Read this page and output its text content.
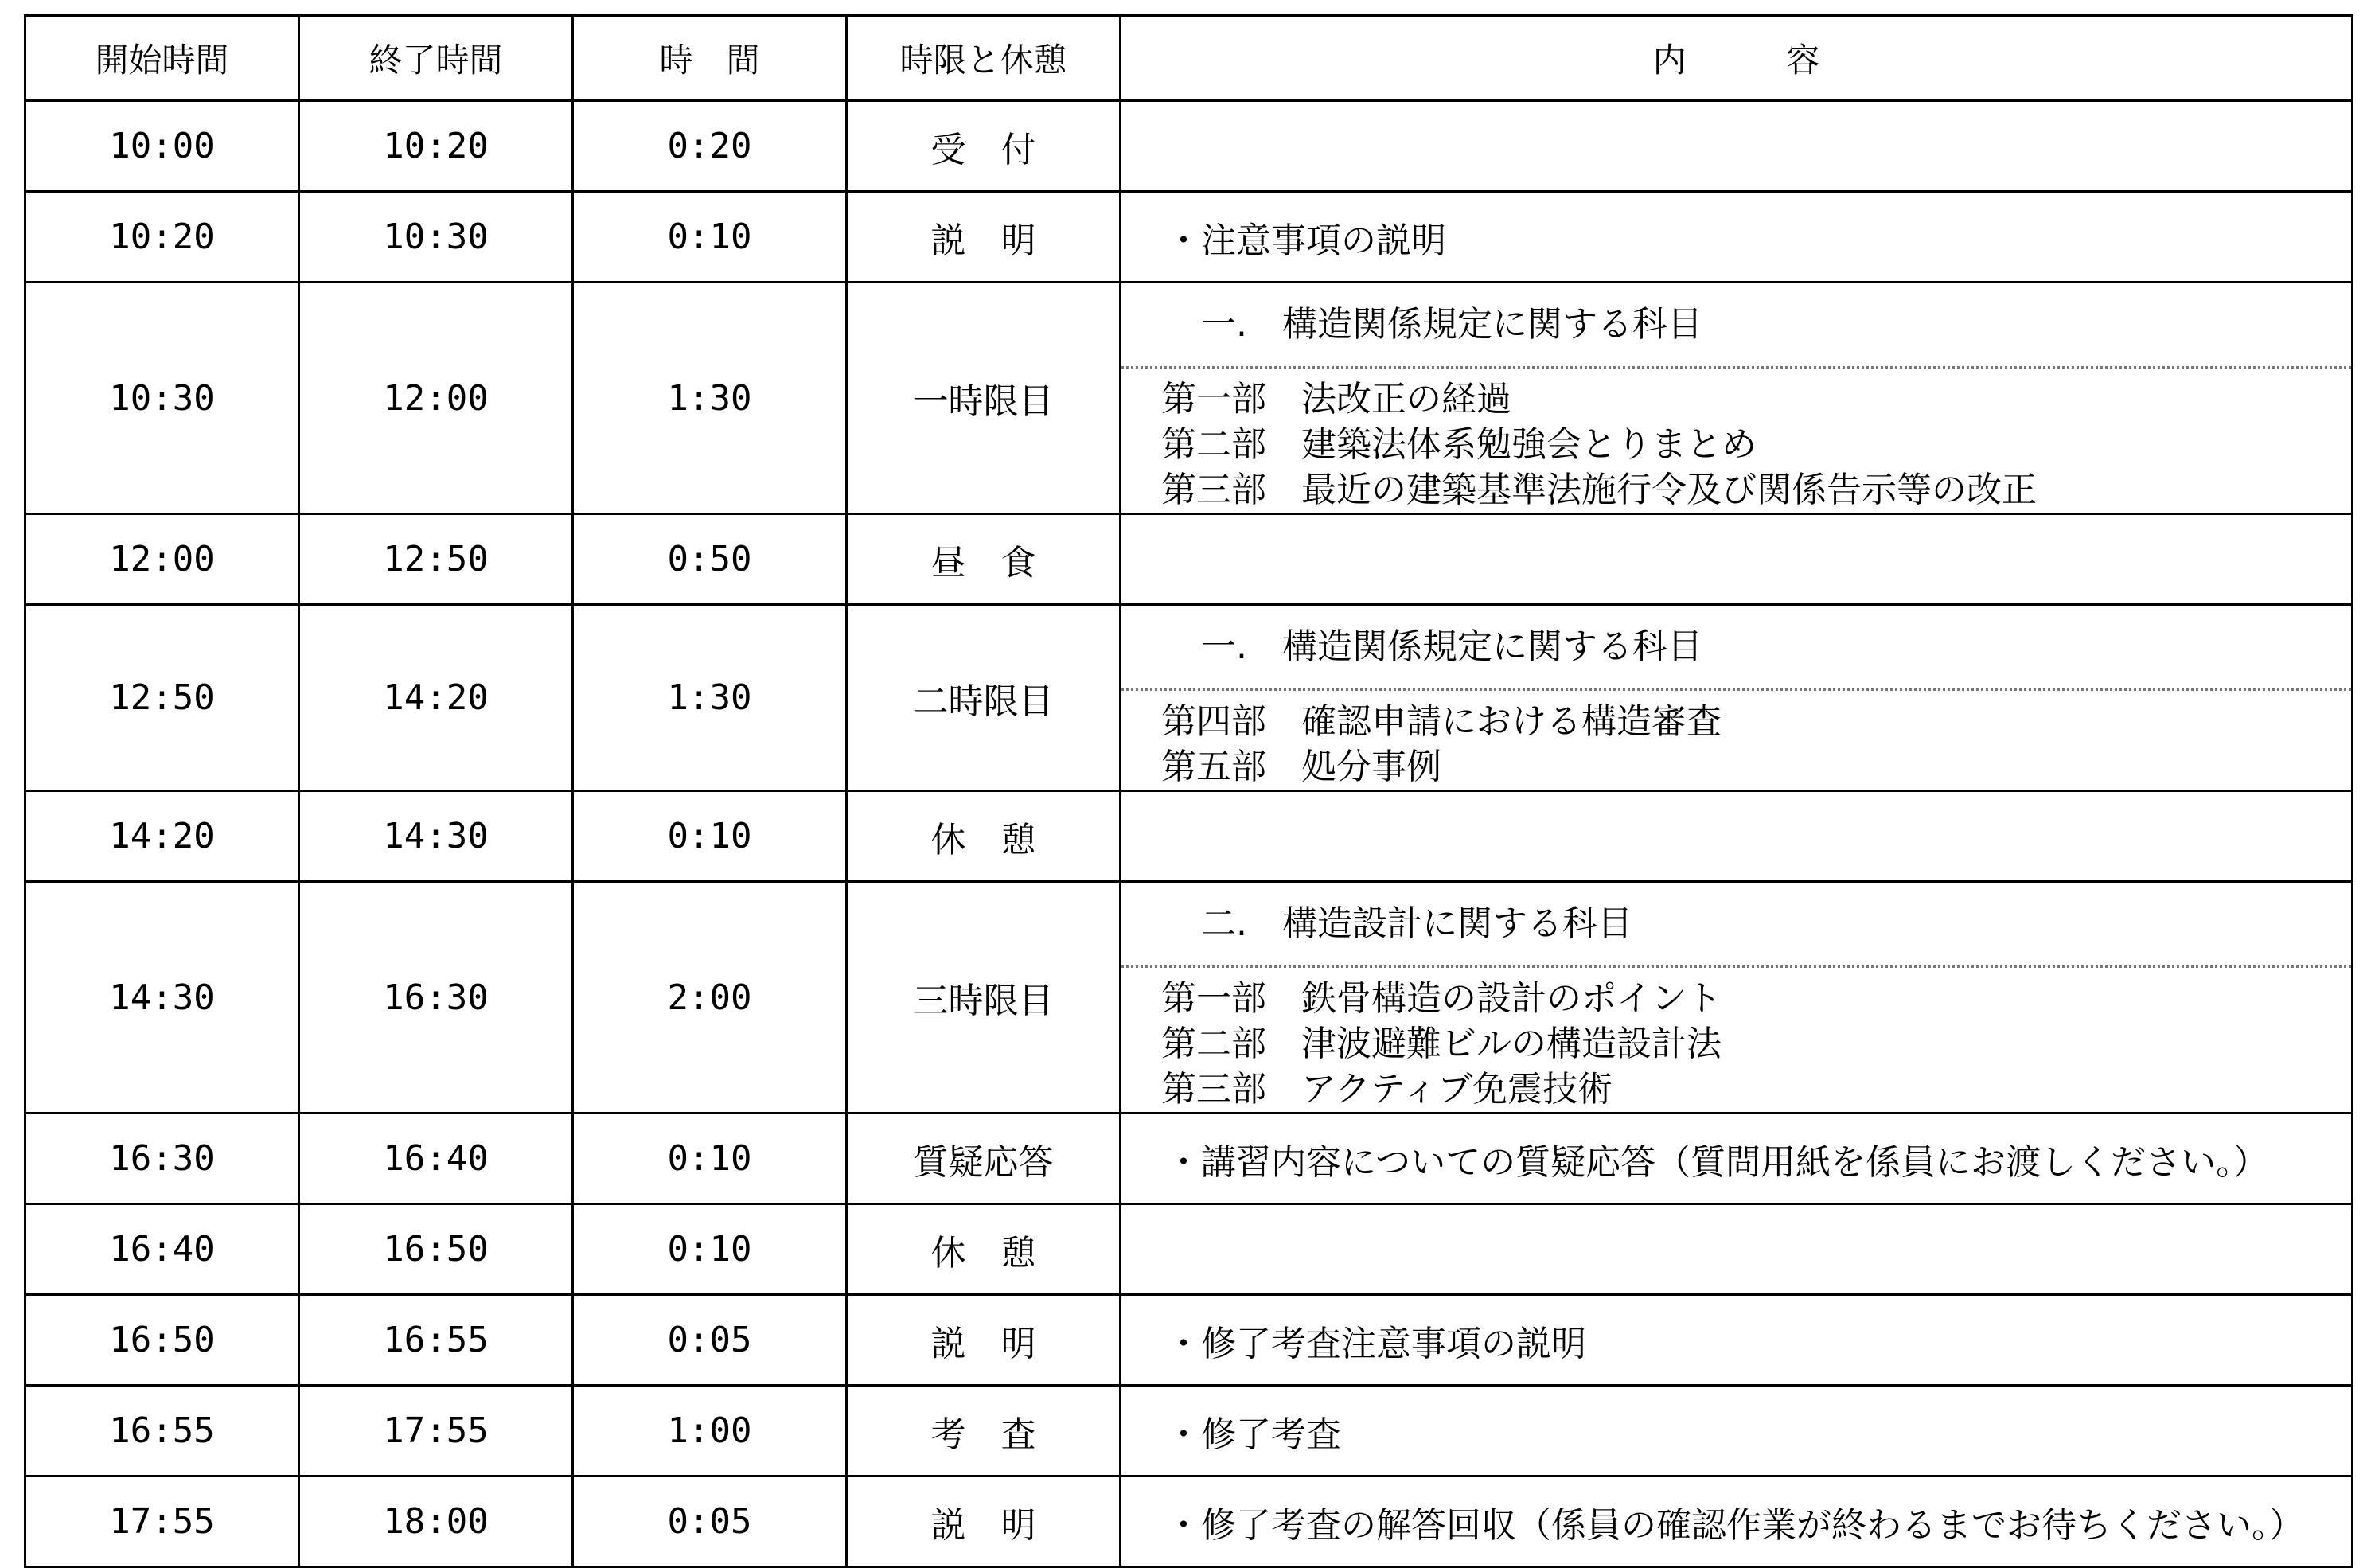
開始時間	終了時間	時　間	時限と休憩	内　　　容
10:00	10:20	0:20	受　付	

10:20	10:30	0:10	説　明	・注意事項の説明

10:30	12:00	1:30	一時限目	一.　構造関係規定に関する科目
第一部　法改正の経過
第二部　建築法体系勉強会とりまとめ
第三部　最近の建築基準法施行令及び関係告示等の改正

12:00	12:50	0:50	昼　食	

12:50	14:20	1:30	二時限目	一.　構造関係規定に関する科目
第四部　確認申請における構造審査
第五部　処分事例

14:20	14:30	0:10	休　憩	

14:30	16:30	2:00	三時限目	二.　構造設計に関する科目
第一部　鉄骨構造の設計のポイント
第二部　津波避難ビルの構造設計法
第三部　アクティブ免震技術

16:30	16:40	0:10	質疑応答	・講習内容についての質疑応答（質問用紙を係員にお渡しください。）

16:40	16:50	0:10	休　憩	

16:50	16:55	0:05	説　明	・修了考査注意事項の説明

16:55	17:55	1:00	考　査	・修了考査

17:55	18:00	0:05	説　明	・修了考査の解答回収（係員の確認作業が終わるまでお待ちください。）
